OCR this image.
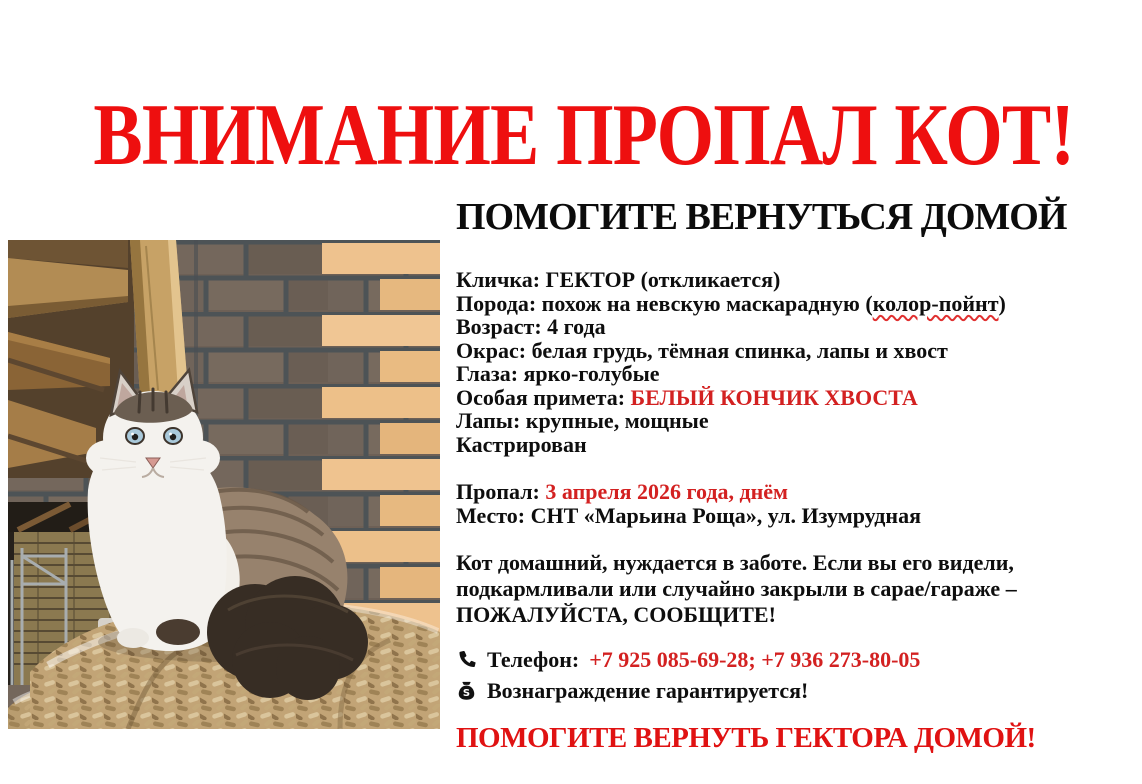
ВНИМАНИЕ ПРОПАЛ КОТ!
ПОМОГИТЕ ВЕРНУТЬСЯ ДОМОЙ
Кличка: ГЕКТОР (откликается)
Порода: похож на невскую маскарадную (колор-пойнт)
Возраст: 4 года
Окрас: белая грудь, тёмная спинка, лапы и хвост
Глаза: ярко-голубые
Особая примета: БЕЛЫЙ КОНЧИК ХВОСТА
Лапы: крупные, мощные
Кастрирован
Пропал: 3 апреля 2026 года, днём
Место: СНТ «Марьина Роща», ул. Изумрудная
Кот домашний, нуждается в заботе. Если вы его видели,
подкармливали или случайно закрыли в сарае/гараже –
ПОЖАЛУЙСТА, СООБЩИТЕ!
Телефон: +7 925 085-69-28; +7 936 273-80-05
S Вознаграждение гарантируется!
ПОМОГИТЕ ВЕРНУТЬ ГЕКТОРА ДОМОЙ!
